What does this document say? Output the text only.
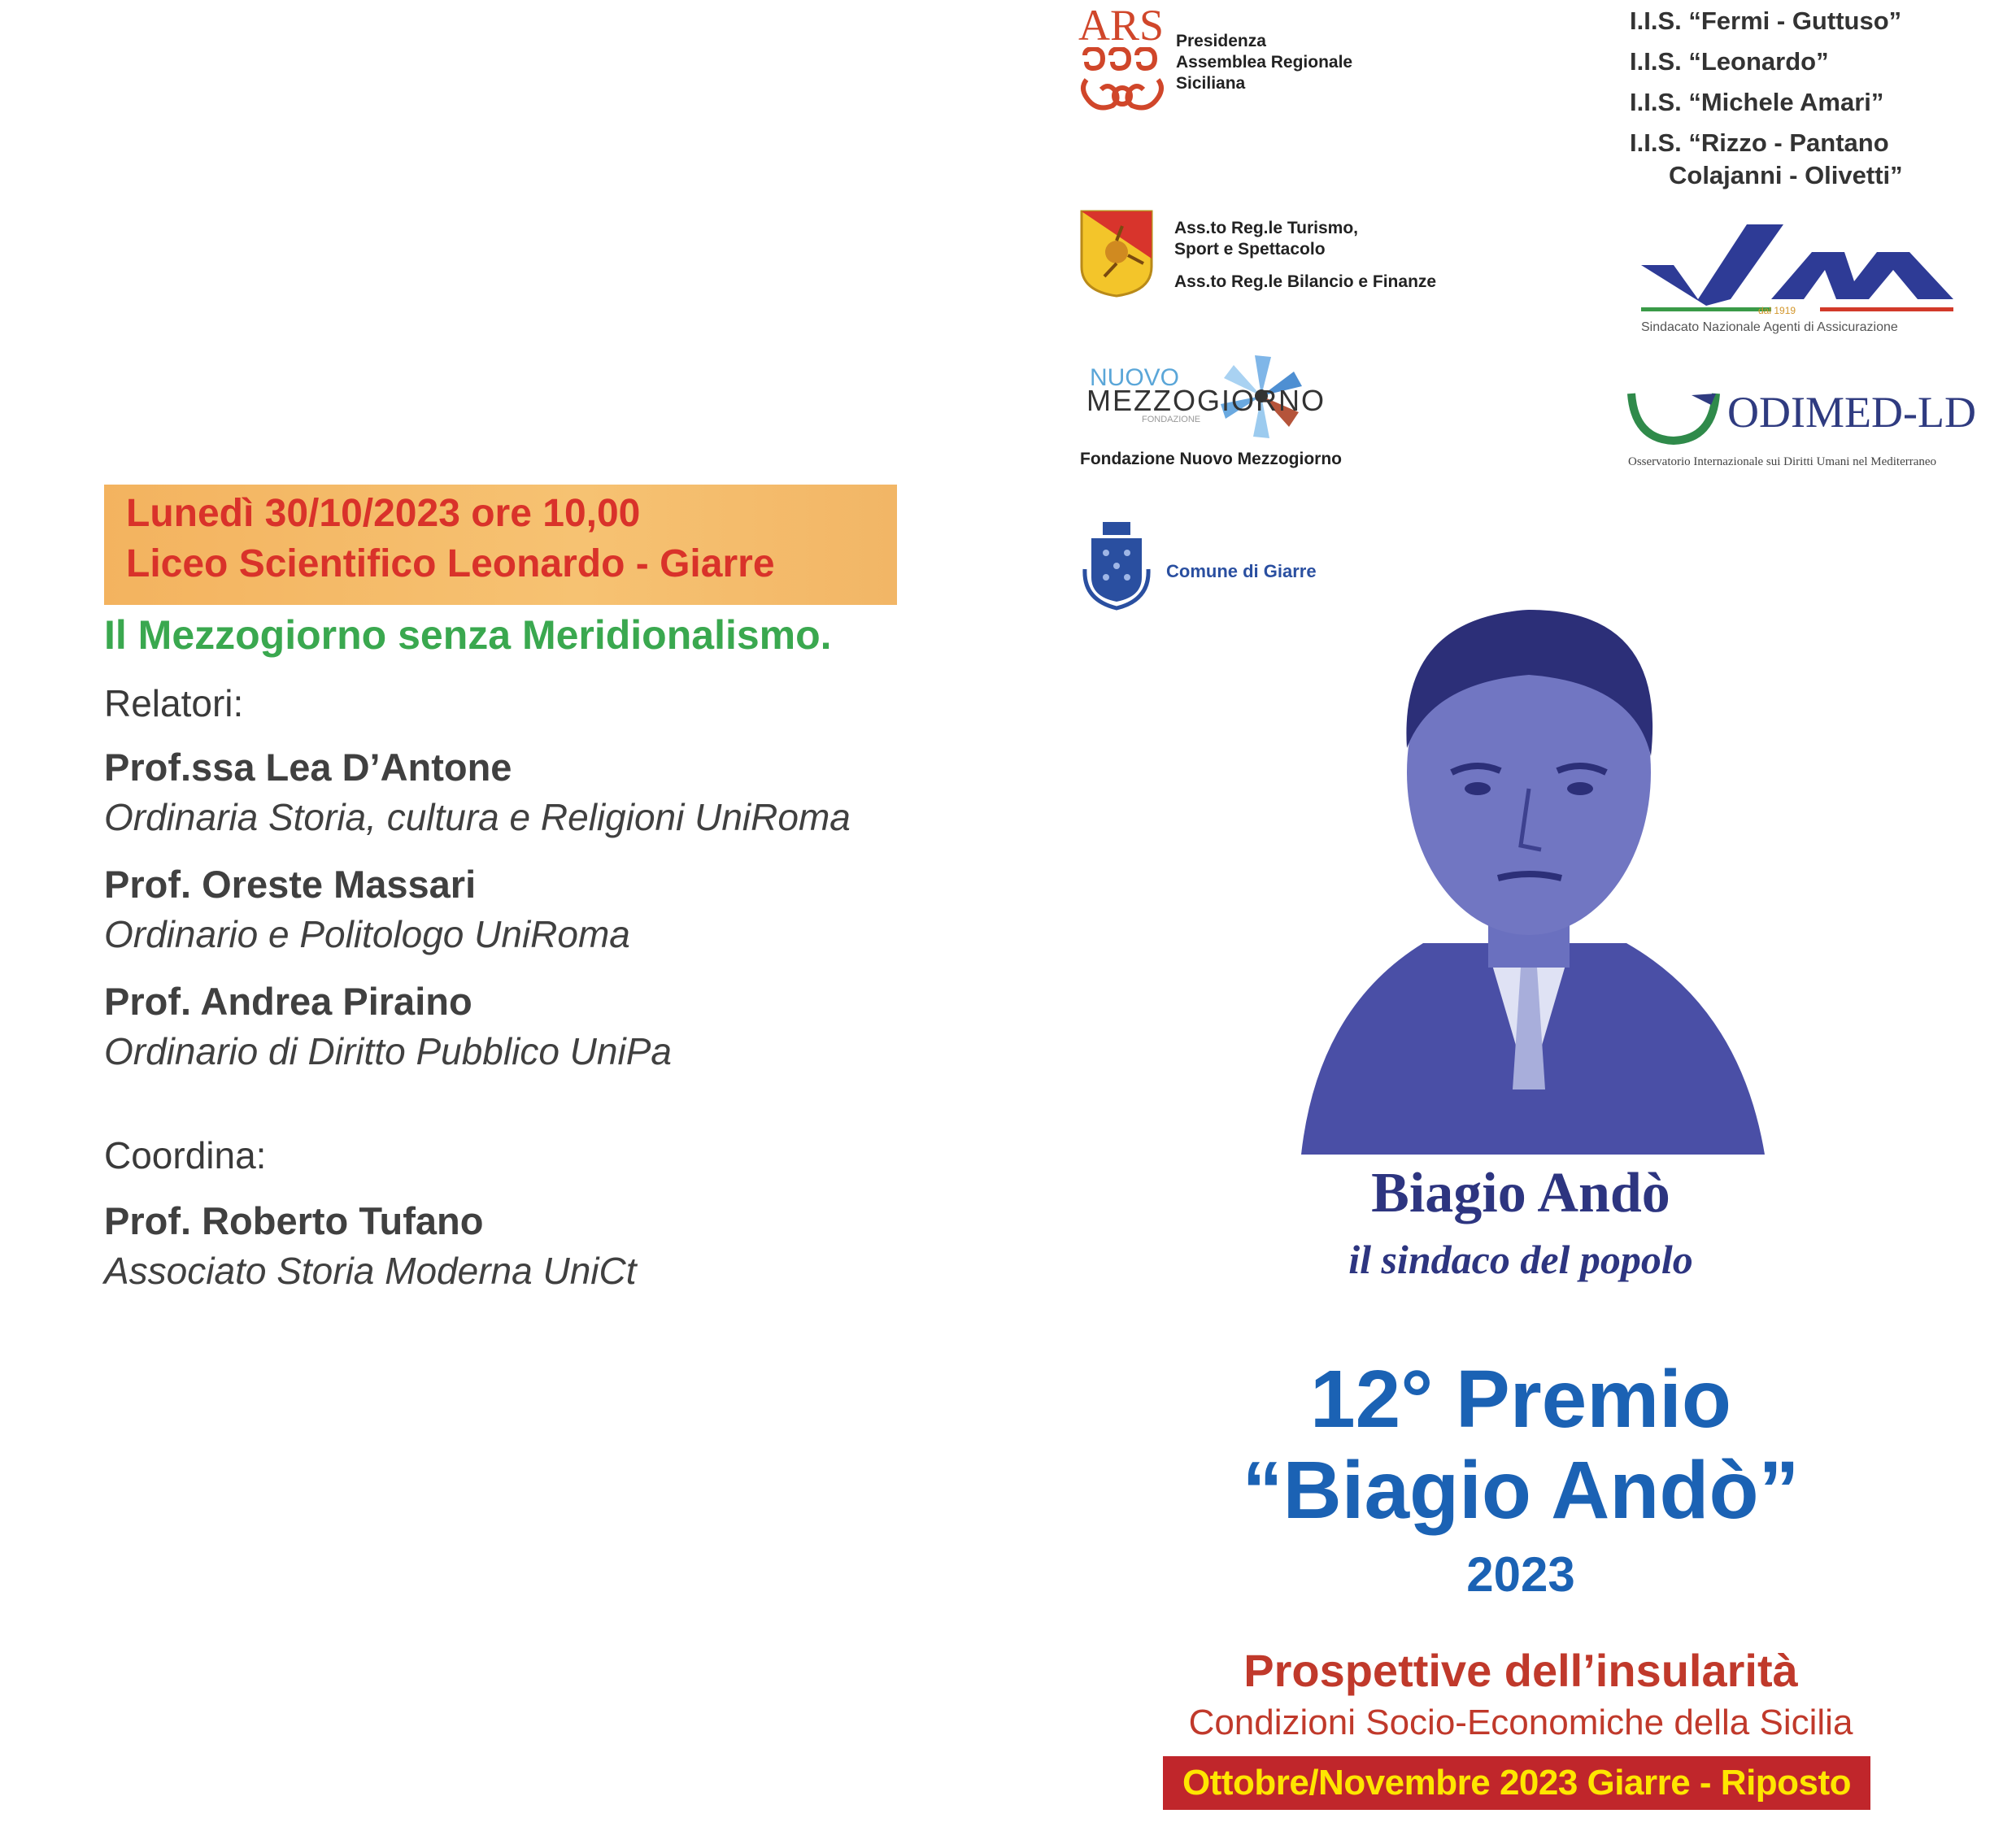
Lunedì 30/10/2023 ore 10,00
Liceo Scientifico Leonardo - Giarre
Il Mezzogiorno senza Meridionalismo.
Relatori:
Prof.ssa Lea D’Antone
Ordinaria Storia, cultura e Religioni UniRoma
Prof. Oreste Massari
Ordinario e Politologo UniRoma
Prof. Andrea Piraino
Ordinario di Diritto Pubblico UniPa
Coordina:
Prof. Roberto Tufano
Associato Storia Moderna UniCt
ARS Presidenza
Assemblea Regionale
Siciliana
Ass.to Reg.le Turismo,
Sport e Spettacolo
Ass.to Reg.le Bilancio e Finanze
NUOVO
MEZZOGIORNO
FONDAZIONE
Fondazione Nuovo Mezzogiorno
Comune di Giarre
I.I.S. “Fermi - Guttuso”
I.I.S. “Leonardo”
I.I.S. “Michele Amari”
I.I.S. “Rizzo - Pantano
Colajanni - Olivetti”
dal 1919
Sindacato Nazionale Agenti di Assicurazione
ODIMED-LD
Osservatorio Internazionale sui Diritti Umani nel Mediterraneo
Biagio Andò
il sindaco del popolo
12° Premio
“Biagio Andò”
2023
Prospettive dell’insularità
Condizioni Socio-Economiche della Sicilia
Ottobre/Novembre 2023 Giarre - Riposto
